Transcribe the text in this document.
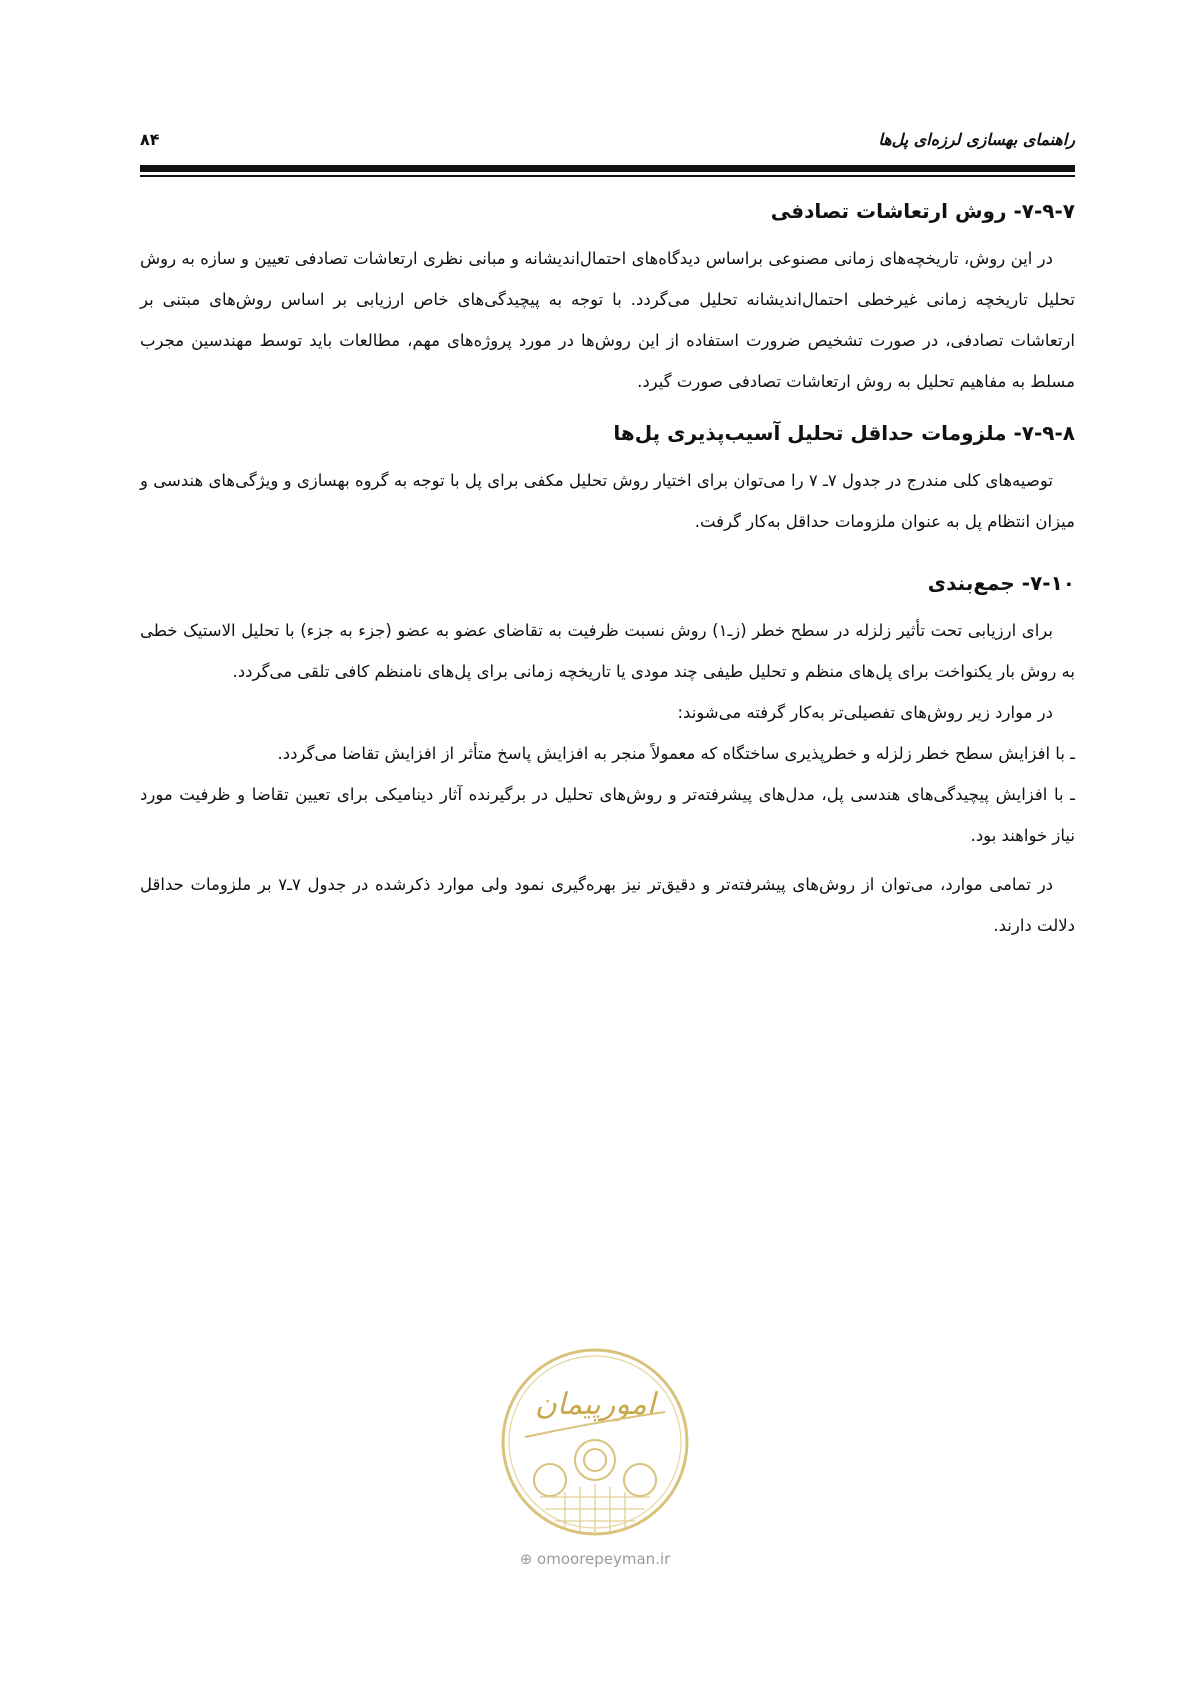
راهنمای بهسازی لرزه‌ای پل‌ها
۸۴
۷-۹-۷- روش ارتعاشات تصادفی

در این روش، تاریخچه‌های زمانی مصنوعی براساس دیدگاه‌های احتمال‌اندیشانه و مبانی نظری ارتعاشات تصادفی تعیین و سازه به روش تحلیل تاریخچه زمانی غیرخطی احتمال‌اندیشانه تحلیل می‌گردد. با توجه به پیچیدگی‌های خاص ارزیابی بر اساس روش‌های مبتنی بر ارتعاشات تصادفی، در صورت تشخیص ضرورت استفاده از این روش‌ها در مورد پروژه‌های مهم، مطالعات باید توسط مهندسین مجرب مسلط به مفاهیم تحلیل به روش ارتعاشات تصادفی صورت گیرد.

۷-۹-۸- ملزومات حداقل تحلیل آسیب‌پذیری پل‌ها

توصیه‌های کلی مندرج در جدول ۷ـ ۷ را می‌توان برای اختیار روش تحلیل مکفی برای پل با توجه به گروه بهسازی و ویژگی‌های هندسی و میزان انتظام پل به عنوان ملزومات حداقل به‌کار گرفت.

۷-۱۰- جمع‌بندی

برای ارزیابی تحت تأثیر زلزله در سطح خطر (زـ۱) روش نسبت ظرفیت به تقاضای عضو به عضو (جزء به جزء) با تحلیل الاستیک خطی به روش بار یکنواخت برای پل‌های منظم و تحلیل طیفی چند مودی یا تاریخچه زمانی برای پل‌های نامنظم کافی تلقی می‌گردد.

در موارد زیر روش‌های تفصیلی‌تر به‌کار گرفته می‌شوند:

ـ با افزایش سطح خطر زلزله و خطرپذیری ساختگاه که معمولاً منجر به افزایش پاسخ متأثر از افزایش تقاضا می‌گردد.

ـ با افزایش پیچیدگی‌های هندسی پل، مدل‌های پیشرفته‌تر و روش‌های تحلیل در برگیرنده آثار دینامیکی برای تعیین تقاضا و ظرفیت مورد نیاز خواهند بود.

در تمامی موارد، می‌توان از روش‌های پیشرفته‌تر و دقیق‌تر نیز بهره‌گیری نمود ولی موارد ذکرشده در جدول ۷ـ۷ بر ملزومات حداقل دلالت دارند.

امورپیمان
⊕ omoorepeyman.ir
